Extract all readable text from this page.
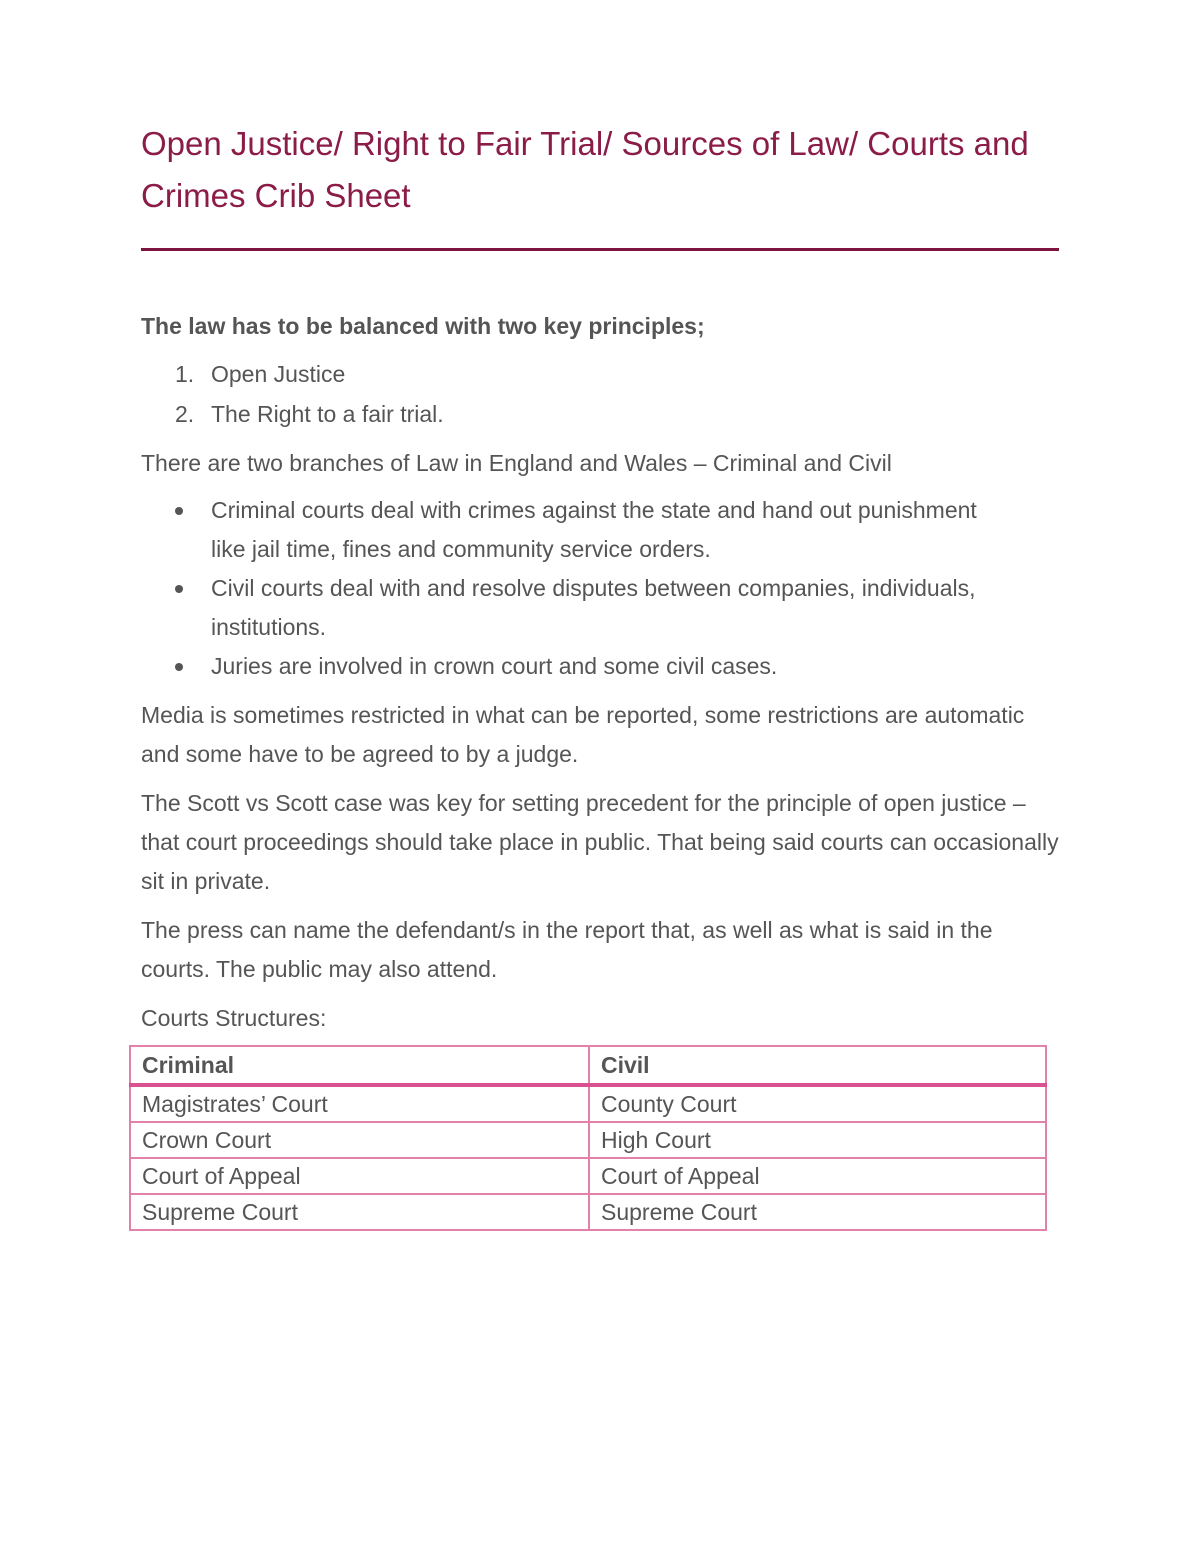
Open Justice/ Right to Fair Trial/ Sources of Law/ Courts and Crimes Crib Sheet

The law has to be balanced with two key principles;

1. Open Justice
2. The Right to a fair trial.

There are two branches of Law in England and Wales – Criminal and Civil

Criminal courts deal with crimes against the state and hand out punishment like jail time, fines and community service orders.
Civil courts deal with and resolve disputes between companies, individuals, institutions.
Juries are involved in crown court and some civil cases.

Media is sometimes restricted in what can be reported, some restrictions are automatic and some have to be agreed to by a judge.

The Scott vs Scott case was key for setting precedent for the principle of open justice – that court proceedings should take place in public. That being said courts can occasionally sit in private.

The press can name the defendant/s in the report that, as well as what is said in the courts. The public may also attend.

Courts Structures:

Criminal	Civil
Magistrates’ Court	County Court
Crown Court	High Court
Court of Appeal	Court of Appeal
Supreme Court	Supreme Court
